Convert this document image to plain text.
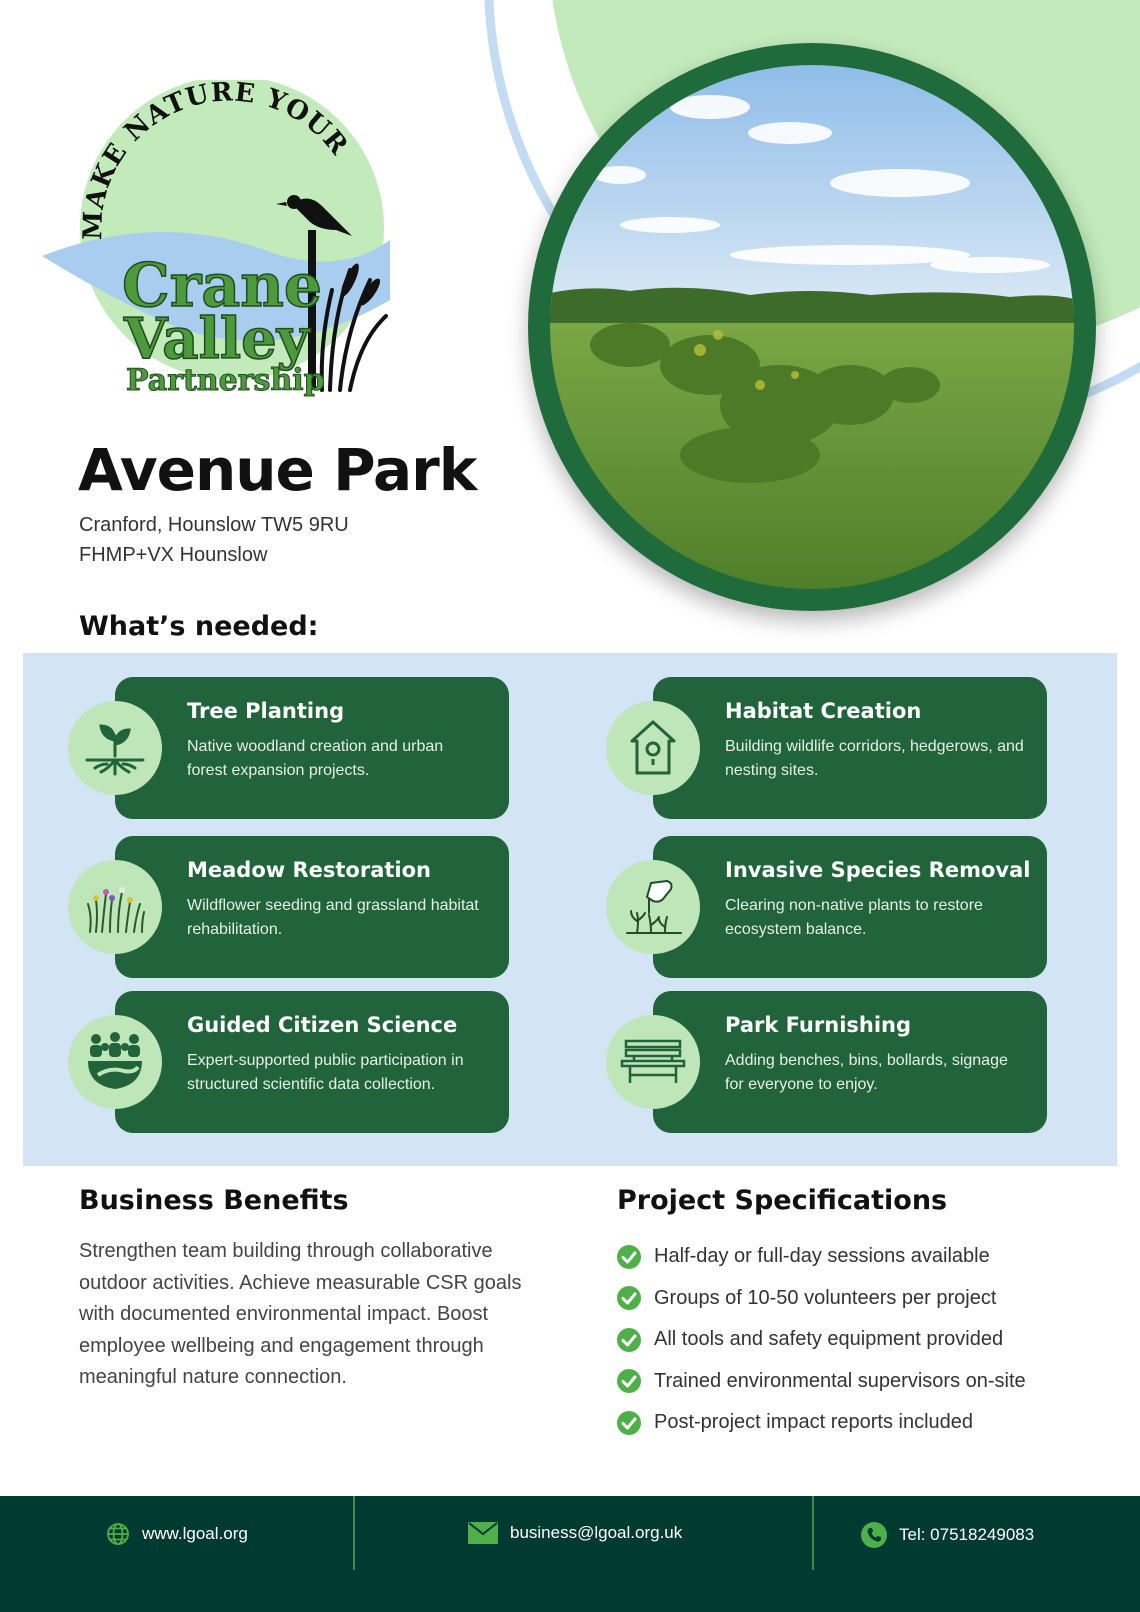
MAKE NATURE YOUR
Crane
Valley
Partnership
Avenue Park
Cranford, Hounslow TW5 9RU
FHMP+VX Hounslow
What’s needed:
Tree Planting
Native woodland creation and urban forest expansion projects.
Habitat Creation
Building wildlife corridors, hedgerows, and nesting sites.
Meadow Restoration
Wildflower seeding and grassland habitat rehabilitation.
Invasive Species Removal
Clearing non-native plants to restore ecosystem balance.
Guided Citizen Science
Expert-supported public participation in structured scientific data collection.
Park Furnishing
Adding benches, bins, bollards, signage for everyone to enjoy.
Business Benefits
Strengthen team building through collaborative outdoor activities. Achieve measurable CSR goals with documented environmental impact. Boost employee wellbeing and engagement through meaningful nature connection.
Project Specifications
Half-day or full-day sessions available
Groups of 10-50 volunteers per project
All tools and safety equipment provided
Trained environmental supervisors on-site
Post-project impact reports included
www.lgoal.org	business@lgoal.org.uk	Tel: 07518249083
